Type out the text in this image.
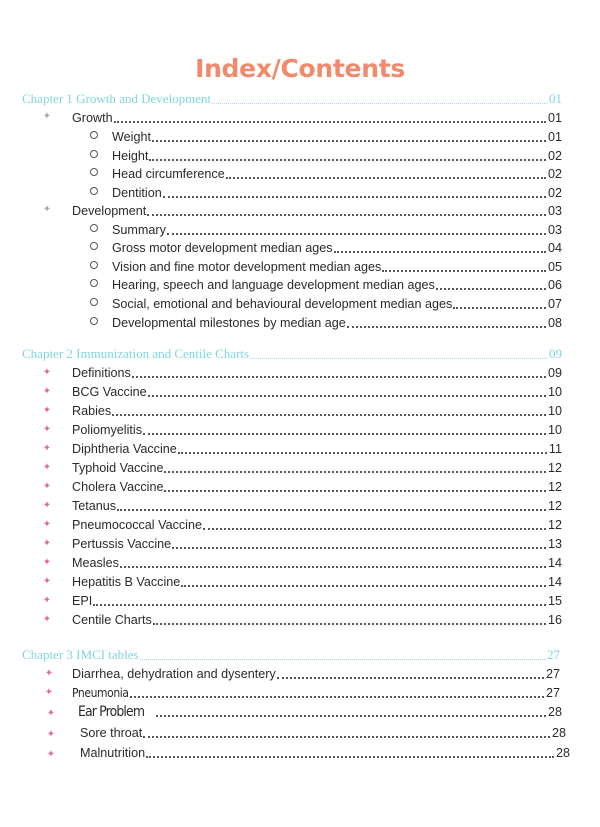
Index/Contents
Chapter 1 Growth and Development	01
✦ Growth	01
Weight	01
Height	02
Head circumference	02
Dentition	02
✦ Development	03
Summary	03
Gross motor development median ages	04
Vision and fine motor development median ages	05
Hearing, speech and language development median ages	06
Social, emotional and behavioural development median ages	07
Developmental milestones by median age	08
Chapter 2 Immunization and Centile Charts	09
✦ Definitions	09
✦ BCG Vaccine	10
✦ Rabies	10
✦ Poliomyelitis	10
✦ Diphtheria Vaccine	11
✦ Typhoid Vaccine	12
✦ Cholera Vaccine	12
✦ Tetanus	12
✦ Pneumococcal Vaccine	12
✦ Pertussis Vaccine	13
✦ Measles	14
✦ Hepatitis B Vaccine	14
✦ EPI	15
✦ Centile Charts	16
Chapter 3 IMCI tables	27
✦ Diarrhea, dehydration and dysentery	27
✦ Pneumonia	27
✦ Ear Problem	28
✦ Sore throat	28
✦ Malnutrition	28
